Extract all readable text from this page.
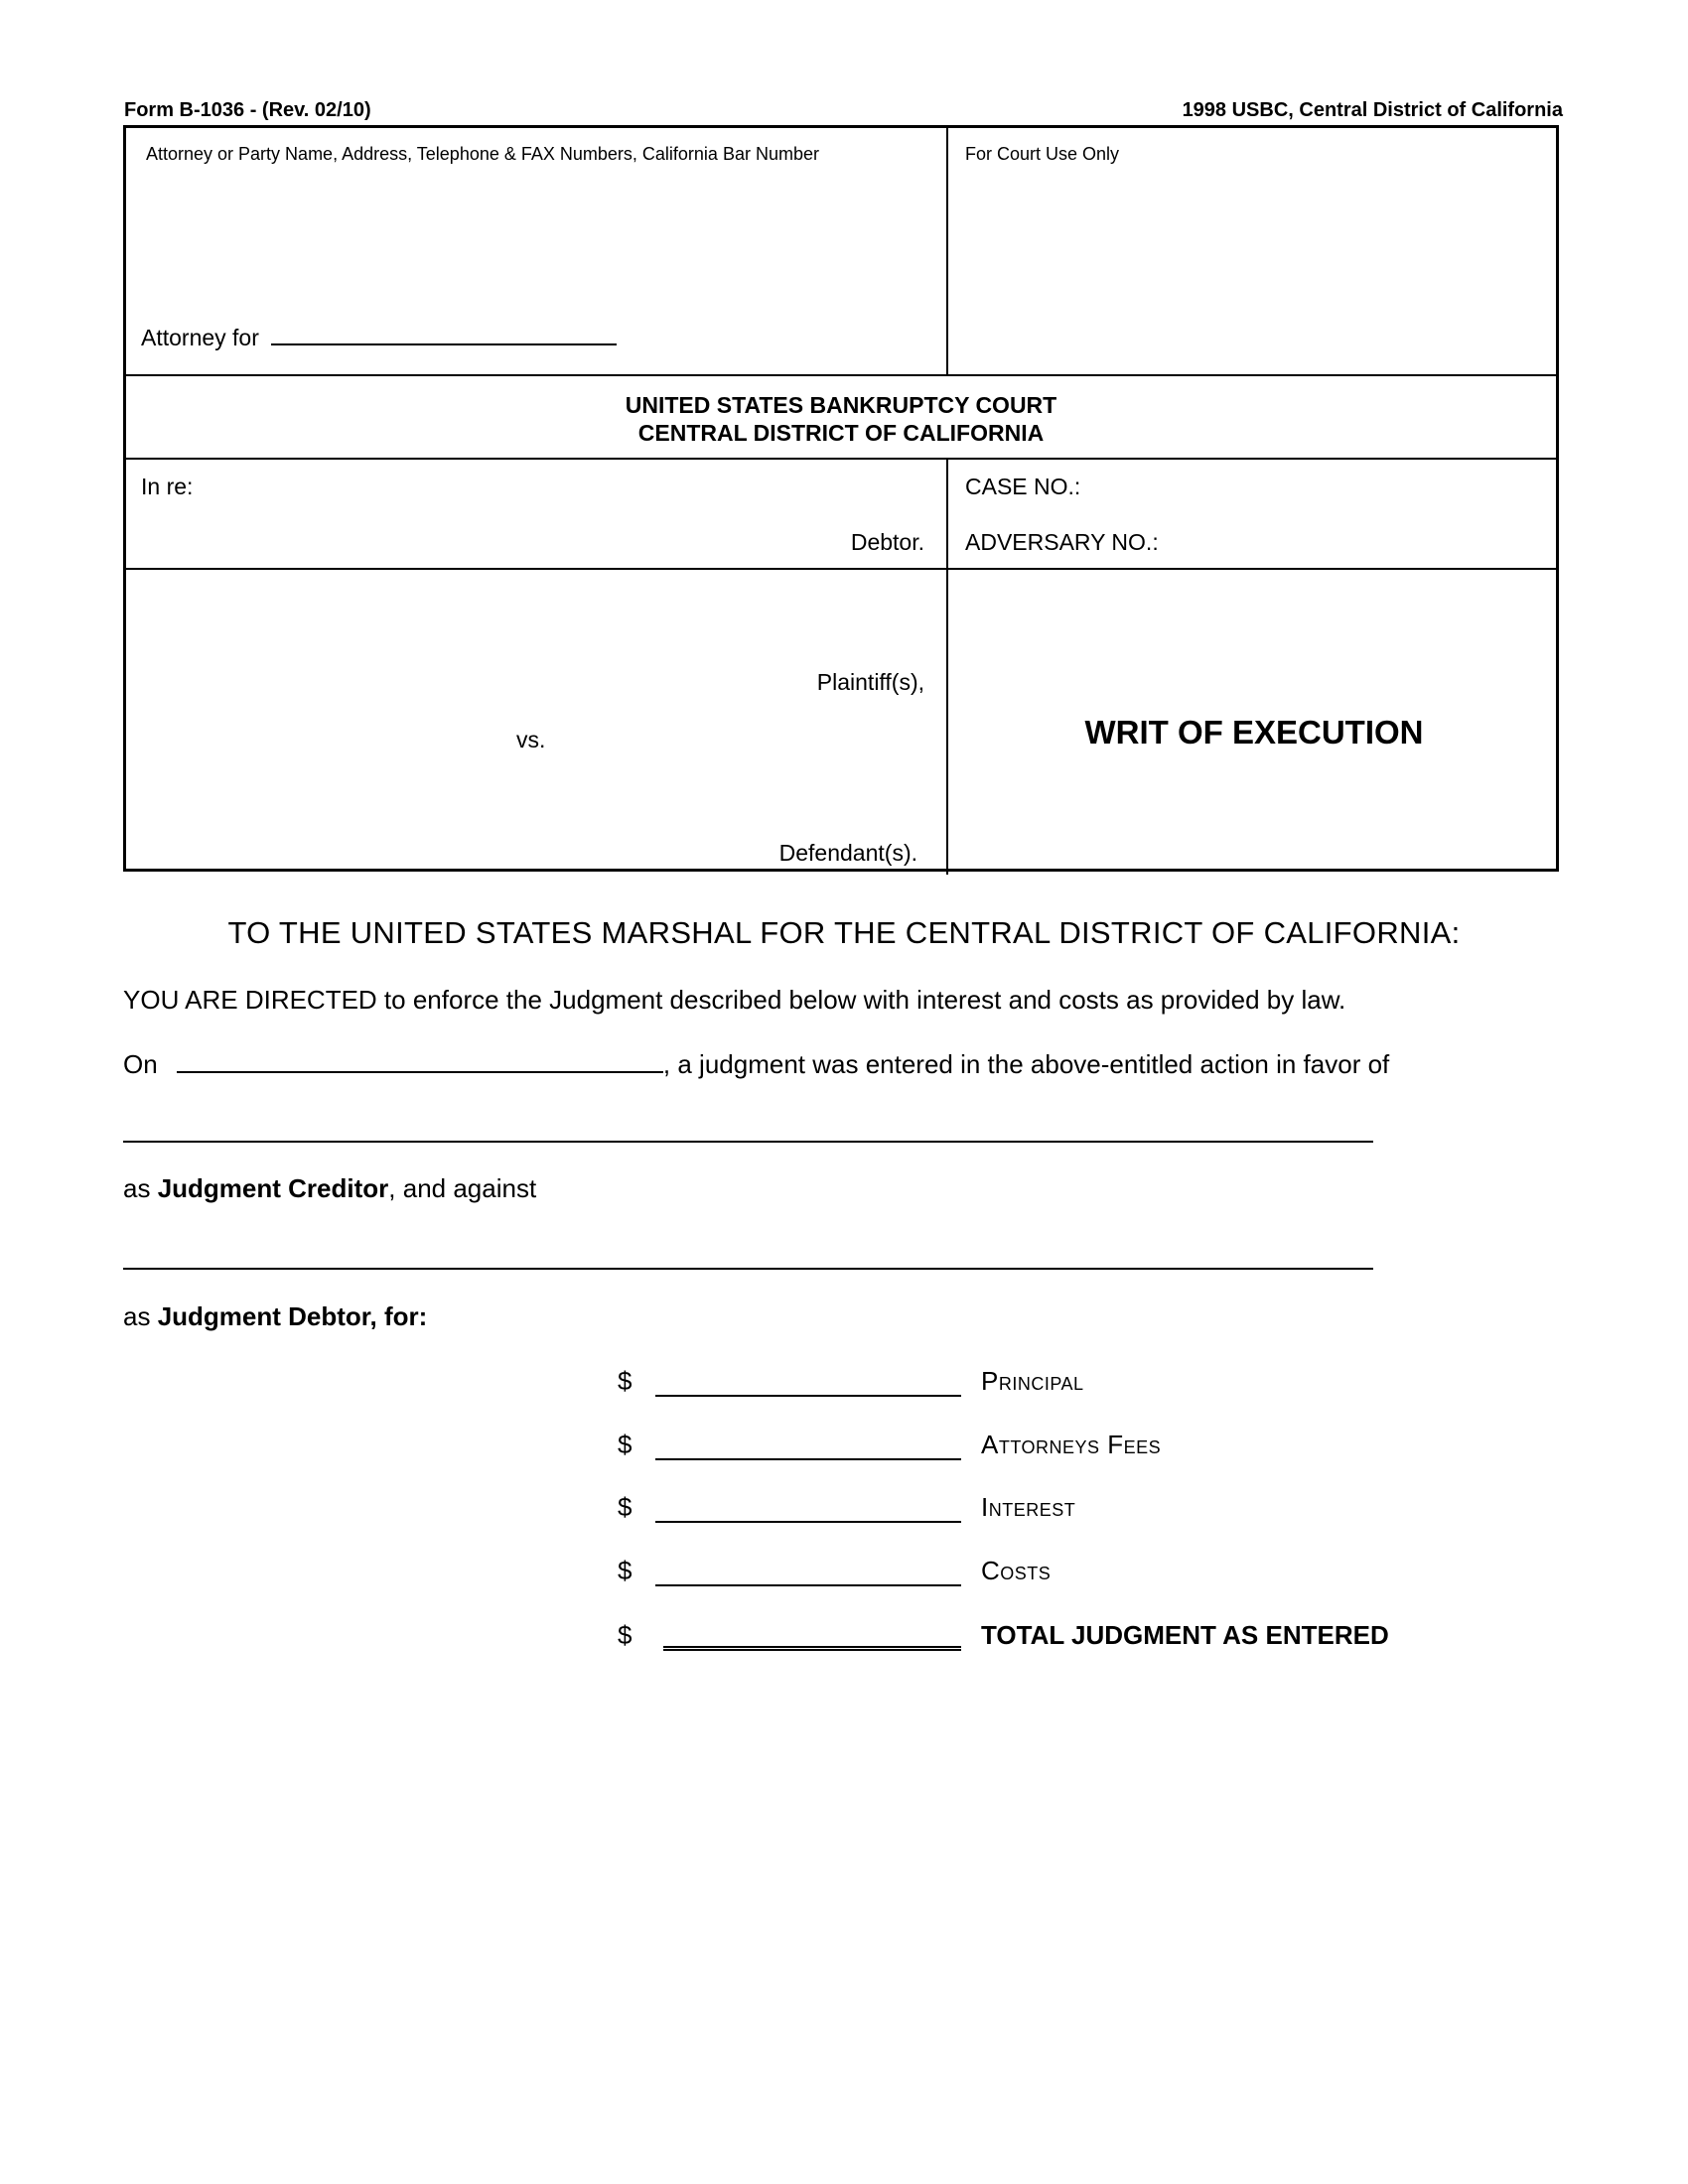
Form B-1036 - (Rev. 02/10)	1998 USBC, Central District of California
Attorney or Party Name, Address, Telephone & FAX Numbers, California Bar Number
Attorney for
For Court Use Only
UNITED STATES BANKRUPTCY COURT
CENTRAL DISTRICT OF CALIFORNIA
In re:
Debtor.
CASE NO.:
ADVERSARY NO.:
Plaintiff(s),
vs.
Defendant(s).
WRIT OF EXECUTION
TO THE UNITED STATES MARSHAL FOR THE CENTRAL DISTRICT OF CALIFORNIA:
YOU ARE DIRECTED to enforce the Judgment described below with interest and costs as provided by law.
On	, a judgment was entered in the above-entitled action in favor of
as Judgment Creditor, and against
as Judgment Debtor, for:
$	Principal
$	Attorneys Fees
$	Interest
$	Costs
$	TOTAL JUDGMENT AS ENTERED
